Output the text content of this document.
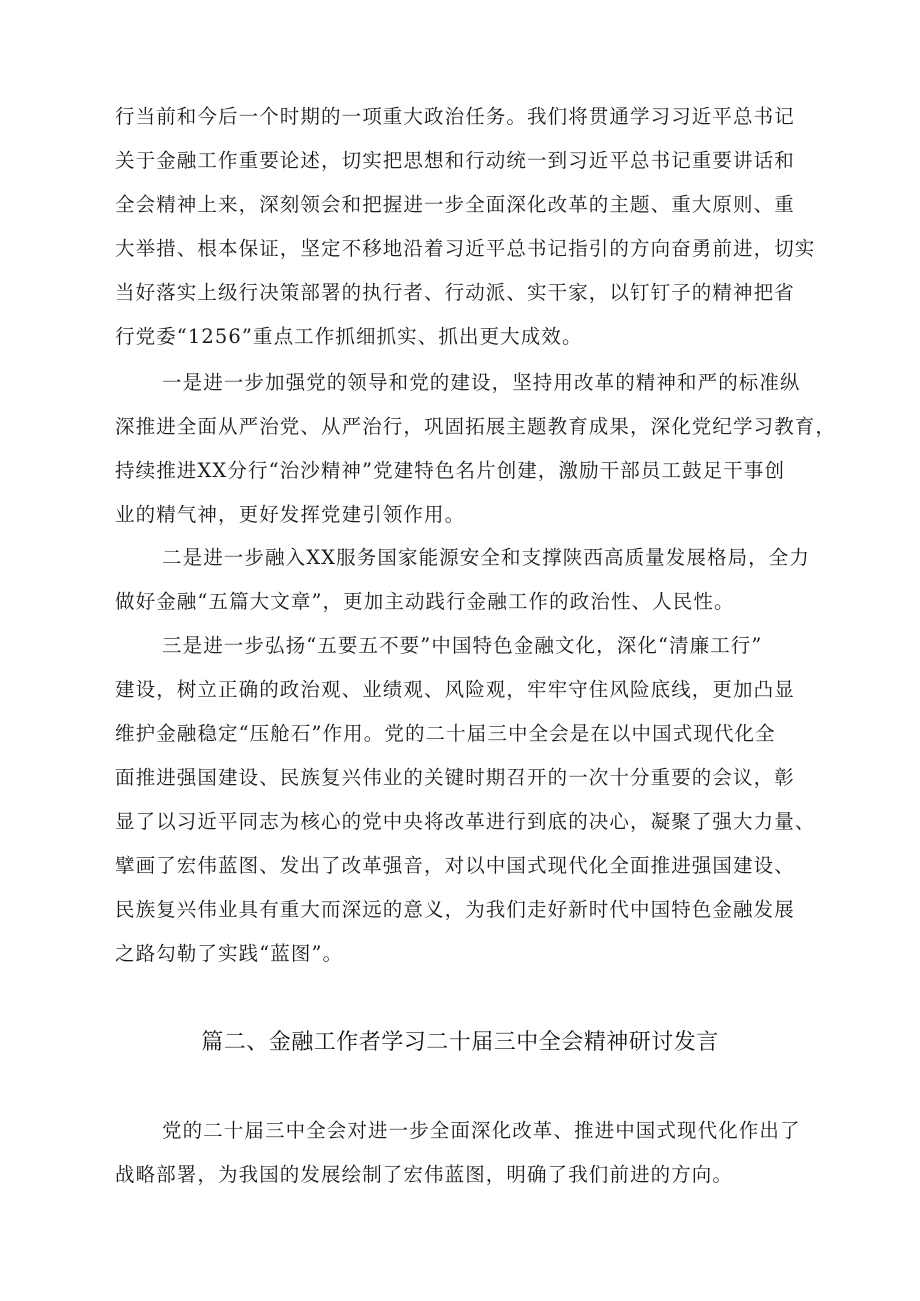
行当前和今后一个时期的一项重大政治任务。我们将贯通学习习近平总书记
关于金融工作重要论述，切实把思想和行动统一到习近平总书记重要讲话和
全会精神上来，深刻领会和把握进一步全面深化改革的主题、重大原则、重
大举措、根本保证，坚定不移地沿着习近平总书记指引的方向奋勇前进，切实
当好落实上级行决策部署的执行者、行动派、实干家，以钉钉子的精神把省
行党委“1256”重点工作抓细抓实、抓出更大成效。
一是进一步加强党的领导和党的建设，坚持用改革的精神和严的标准纵
深推进全面从严治党、从严治行，巩固拓展主题教育成果，深化党纪学习教育，
持续推进XX分行“治沙精神”党建特色名片创建，激励干部员工鼓足干事创
业的精气神，更好发挥党建引领作用。
二是进一步融入XX服务国家能源安全和支撑陕西高质量发展格局，全力
做好金融“五篇大文章”，更加主动践行金融工作的政治性、人民性。
三是进一步弘扬“五要五不要”中国特色金融文化，深化“清廉工行”
建设，树立正确的政治观、业绩观、风险观，牢牢守住风险底线，更加凸显
维护金融稳定“压舱石”作用。党的二十届三中全会是在以中国式现代化全
面推进强国建设、民族复兴伟业的关键时期召开的一次十分重要的会议，彰
显了以习近平同志为核心的党中央将改革进行到底的决心，凝聚了强大力量、
擘画了宏伟蓝图、发出了改革强音，对以中国式现代化全面推进强国建设、
民族复兴伟业具有重大而深远的意义，为我们走好新时代中国特色金融发展
之路勾勒了实践“蓝图”。
篇二、金融工作者学习二十届三中全会精神研讨发言
党的二十届三中全会对进一步全面深化改革、推进中国式现代化作出了
战略部署，为我国的发展绘制了宏伟蓝图，明确了我们前进的方向。
